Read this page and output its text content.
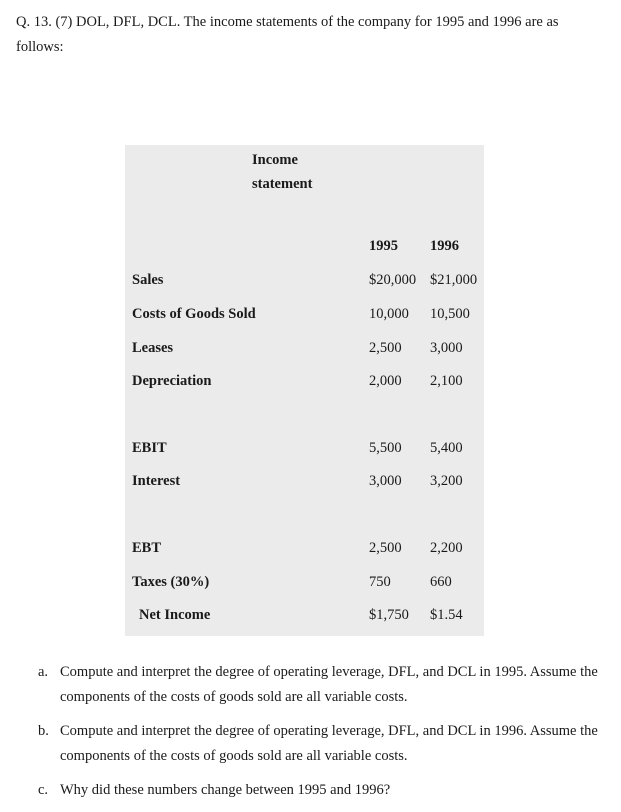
Q. 13. (7) DOL, DFL, DCL. The income statements of the company for 1995 and 1996 are as follows:
Income
statement
1995 1996
Sales	$20,000 $21,000
Costs of Goods Sold	10,000 10,500
Leases	2,500 3,000
Depreciation	2,000 2,100
EBIT	5,500 5,400
Interest	3,000 3,200
EBT	2,500 2,200
Taxes (30%)	750	660
Net Income	$1,750 $1.54
a. Compute and interpret the degree of operating leverage, DFL, and DCL in 1995. Assume the components of the costs of goods sold are all variable costs.
b. Compute and interpret the degree of operating leverage, DFL, and DCL in 1996. Assume the components of the costs of goods sold are all variable costs.
c. Why did these numbers change between 1995 and 1996?
